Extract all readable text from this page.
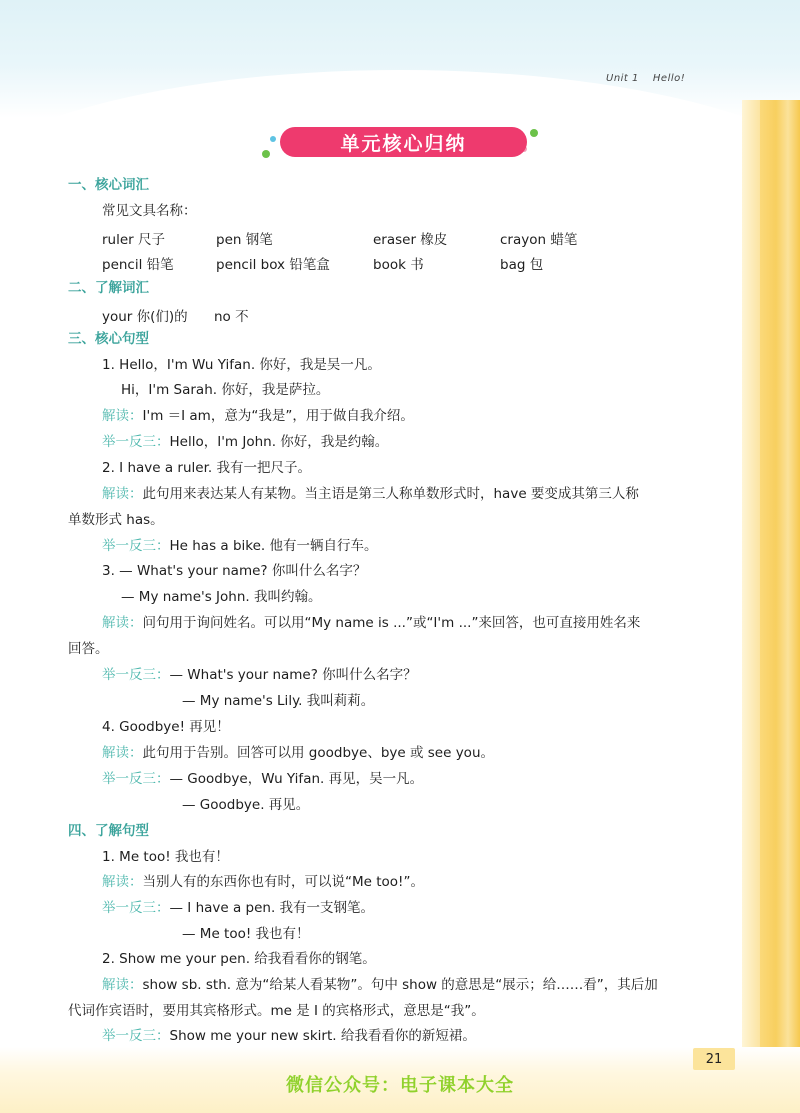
Unit 1 Hello!
单元核心归纳
一、核心词汇
常见文具名称：
ruler 尺子	pen 钢笔	eraser 橡皮	crayon 蜡笔
pencil 铅笔	pencil box 铅笔盒	book 书	bag 包
二、了解词汇
your 你(们)的 no 不
三、核心句型
1. Hello，I'm Wu Yifan. 你好，我是吴一凡。
Hi，I'm Sarah. 你好，我是萨拉。
解读：I'm ＝I am，意为“我是”，用于做自我介绍。
举一反三：Hello，I'm John. 你好，我是约翰。
2. I have a ruler. 我有一把尺子。
解读：此句用来表达某人有某物。当主语是第三人称单数形式时，have 要变成其第三人称
单数形式 has。
举一反三：He has a bike. 他有一辆自行车。
3. — What's your name? 你叫什么名字？
— My name's John. 我叫约翰。
解读：问句用于询问姓名。可以用“My name is ...”或“I'm ...”来回答，也可直接用姓名来
回答。
举一反三：— What's your name? 你叫什么名字？
— My name's Lily. 我叫莉莉。
4. Goodbye! 再见！
解读：此句用于告别。回答可以用 goodbye、bye 或 see you。
举一反三：— Goodbye，Wu Yifan. 再见，吴一凡。
— Goodbye. 再见。
四、了解句型
1. Me too! 我也有！
解读：当别人有的东西你也有时，可以说“Me too!”。
举一反三：— I have a pen. 我有一支钢笔。
— Me too! 我也有！
2. Show me your pen. 给我看看你的钢笔。
解读：show sb. sth. 意为“给某人看某物”。句中 show 的意思是“展示；给……看”，其后加
代词作宾语时，要用其宾格形式。me 是 I 的宾格形式，意思是“我”。
举一反三：Show me your new skirt. 给我看看你的新短裙。
21
微信公众号：电子课本大全
